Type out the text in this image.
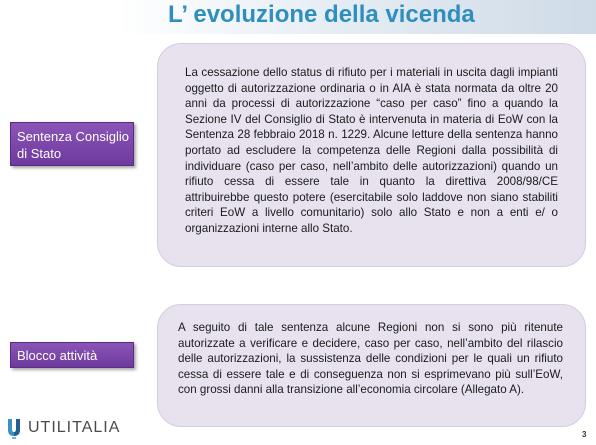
L’ evoluzione della vicenda
La cessazione dello status di rifiuto per i materiali in uscita dagli impianti oggetto di autorizzazione ordinaria o in AIA è stata normata da oltre 20 anni da processi di autorizzazione “caso per caso” fino a quando la Sezione IV del Consiglio di Stato è intervenuta in materia di EoW con la Sentenza 28 febbraio 2018 n. 1229. Alcune letture della sentenza hanno portato ad escludere la competenza delle Regioni dalla possibilità di individuare (caso per caso, nell’ambito delle autorizzazioni) quando un rifiuto cessa di essere tale in quanto la direttiva 2008/98/CE attribuirebbe questo potere (esercitabile solo laddove non siano stabiliti criteri EoW a livello comunitario) solo allo Stato e non a enti e/ o organizzazioni interne allo Stato.
Sentenza Consiglio di Stato
A seguito di tale sentenza alcune Regioni non si sono più ritenute autorizzate a verificare e decidere, caso per caso, nell’ambito del rilascio delle autorizzazioni, la sussistenza delle condizioni per le quali un rifiuto cessa di essere tale e di conseguenza non si esprimevano più sull’EoW, con grossi danni alla transizione all’economia circolare (Allegato A).
Blocco attività
UTILITALIA	3
